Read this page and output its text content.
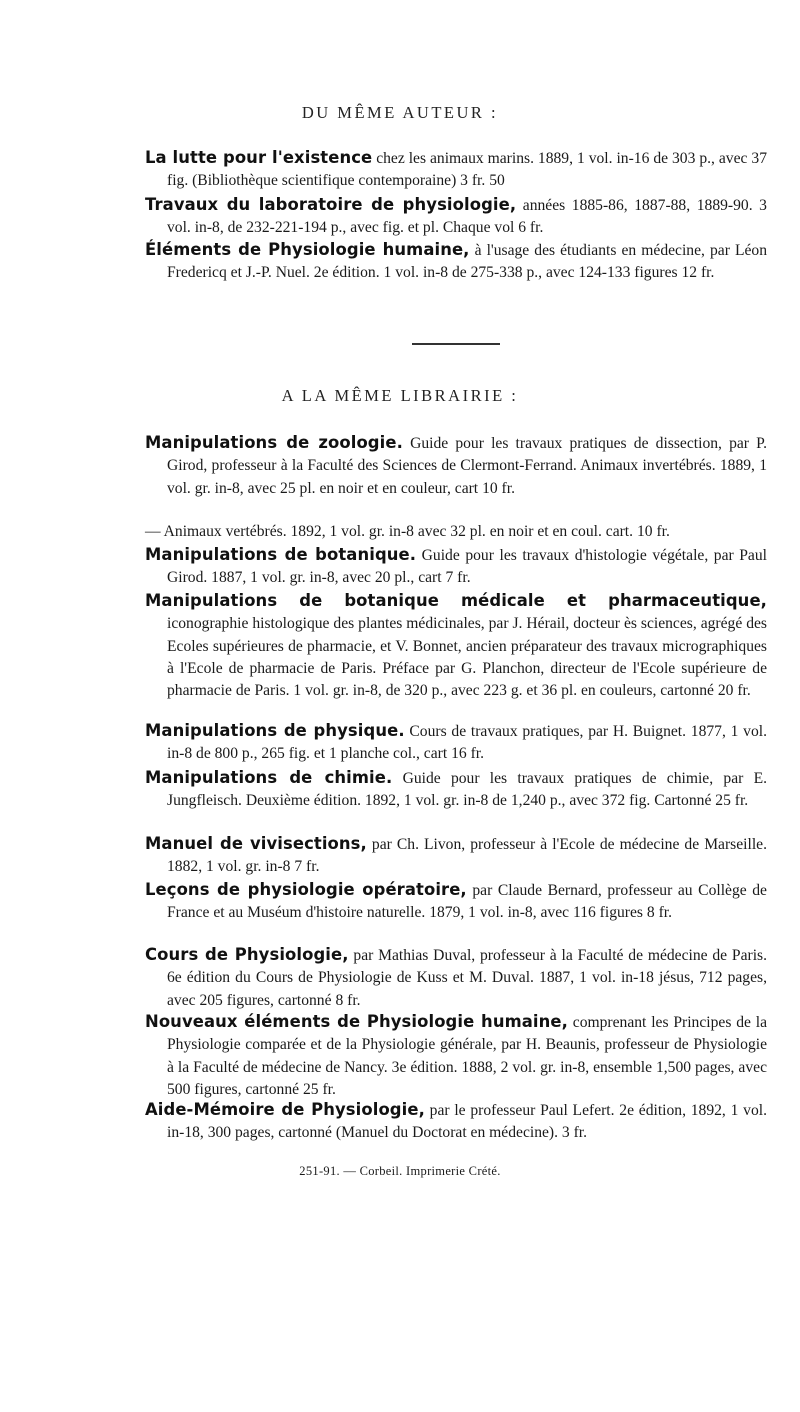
DU MÊME AUTEUR :
La lutte pour l'existence chez les animaux marins. 1889, 1 vol. in-16 de 303 p., avec 37 fig. (Bibliothèque scientifique contemporaine) 3 fr. 50
Travaux du laboratoire de physiologie, années 1885-86, 1887-88, 1889-90. 3 vol. in-8, de 232-221-194 p., avec fig. et pl. Chaque vol 6 fr.
Éléments de Physiologie humaine, à l'usage des étudiants en médecine, par Léon Fredericq et J.-P. Nuel. 2e édition. 1 vol. in-8 de 275-338 p., avec 124-133 figures 12 fr.
A LA MÊME LIBRAIRIE :
Manipulations de zoologie. Guide pour les travaux pratiques de dissection, par P. Girod, professeur à la Faculté des Sciences de Clermont-Ferrand. Animaux invertébrés. 1889, 1 vol. gr. in-8, avec 25 pl. en noir et en couleur, cart 10 fr.
— Animaux vertébrés. 1892, 1 vol. gr. in-8 avec 32 pl. en noir et en coul. cart. 10 fr.
Manipulations de botanique. Guide pour les travaux d'histologie végétale, par Paul Girod. 1887, 1 vol. gr. in-8, avec 20 pl., cart 7 fr.
Manipulations de botanique médicale et pharmaceutique, iconographie histologique des plantes médicinales, par J. Hérail, docteur ès sciences, agrégé des Ecoles supérieures de pharmacie, et V. Bonnet, ancien préparateur des travaux micrographiques à l'Ecole de pharmacie de Paris. Préface par G. Planchon, directeur de l'Ecole supérieure de pharmacie de Paris. 1 vol. gr. in-8, de 320 p., avec 223 g. et 36 pl. en couleurs, cartonné 20 fr.
Manipulations de physique. Cours de travaux pratiques, par H. Buignet. 1877, 1 vol. in-8 de 800 p., 265 fig. et 1 planche col., cart 16 fr.
Manipulations de chimie. Guide pour les travaux pratiques de chimie, par E. Jungfleisch. Deuxième édition. 1892, 1 vol. gr. in-8 de 1,240 p., avec 372 fig. Cartonné 25 fr.
Manuel de vivisections, par Ch. Livon, professeur à l'Ecole de médecine de Marseille. 1882, 1 vol. gr. in-8 7 fr.
Leçons de physiologie opératoire, par Claude Bernard, professeur au Collège de France et au Muséum d'histoire naturelle. 1879, 1 vol. in-8, avec 116 figures 8 fr.
Cours de Physiologie, par Mathias Duval, professeur à la Faculté de médecine de Paris. 6e édition du Cours de Physiologie de Kuss et M. Duval. 1887, 1 vol. in-18 jésus, 712 pages, avec 205 figures, cartonné 8 fr.
Nouveaux éléments de Physiologie humaine, comprenant les Principes de la Physiologie comparée et de la Physiologie générale, par H. Beaunis, professeur de Physiologie à la Faculté de médecine de Nancy. 3e édition. 1888, 2 vol. gr. in-8, ensemble 1,500 pages, avec 500 figures, cartonné 25 fr.
Aide-Mémoire de Physiologie, par le professeur Paul Lefert. 2e édition, 1892, 1 vol. in-18, 300 pages, cartonné (Manuel du Doctorat en médecine). 3 fr.
251-91. — Corbeil. Imprimerie Crété.
